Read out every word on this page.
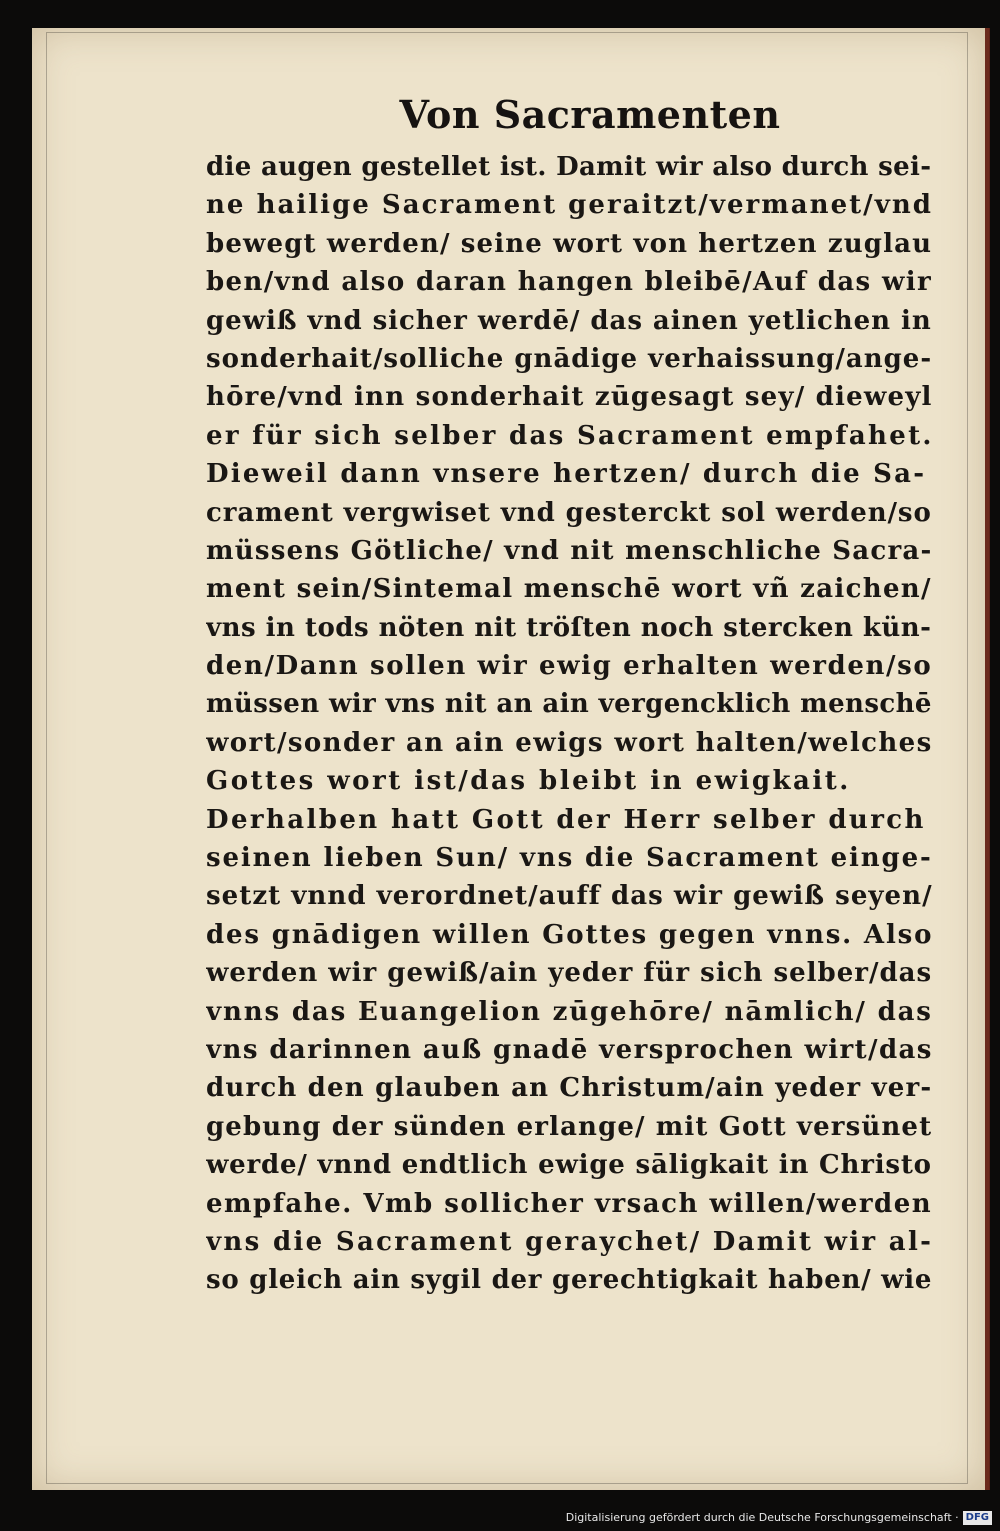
Von Sacramenten
die augen gestellet ist. Damit wir also durch sei-
ne hailige Sacrament geraitzt/vermanet/vnd
bewegt werden/ seine wort von hertzen zuglau
ben/vnd also daran hangen bleibē/Auf das wir
gewiß vnd sicher werdē/ das ainen yetlichen in
sonderhait/solliche gnādige verhaissung/ange-
hōre/vnd inn sonderhait zūgesagt sey/ dieweyl
er für sich selber das Sacrament empfahet.
Dieweil dann vnsere hertzen/ durch die Sa-
crament vergwiset vnd gesterckt sol werden/so
müssens Götliche/ vnd nit menschliche Sacra-
ment sein/Sintemal menschē wort vñ zaichen/
vns in tods nöten nit tröſten noch stercken kün-
den/Dann sollen wir ewig erhalten werden/so
müssen wir vns nit an ain vergencklich menschē
wort/sonder an ain ewigs wort halten/welches
Gottes wort ist/das bleibt in ewigkait.
Derhalben hatt Gott der Herr selber durch
seinen lieben Sun/ vns die Sacrament einge-
setzt vnnd verordnet/auff das wir gewiß seyen/
des gnādigen willen Gottes gegen vnns. Also
werden wir gewiß/ain yeder für sich selber/das
vnns das Euangelion zūgehōre/ nāmlich/ das
vns darinnen auß gnadē versprochen wirt/das
durch den glauben an Christum/ain yeder ver-
gebung der sünden erlange/ mit Gott versünet
werde/ vnnd endtlich ewige sāligkait in Christo
empfahe. Vmb sollicher vrsach willen/werden
vns die Sacrament geraychet/ Damit wir al-
so gleich ain sygil der gerechtigkait haben/ wie
Digitalisierung gefördert durch die Deutsche Forschungsgemeinschaft · DFG
